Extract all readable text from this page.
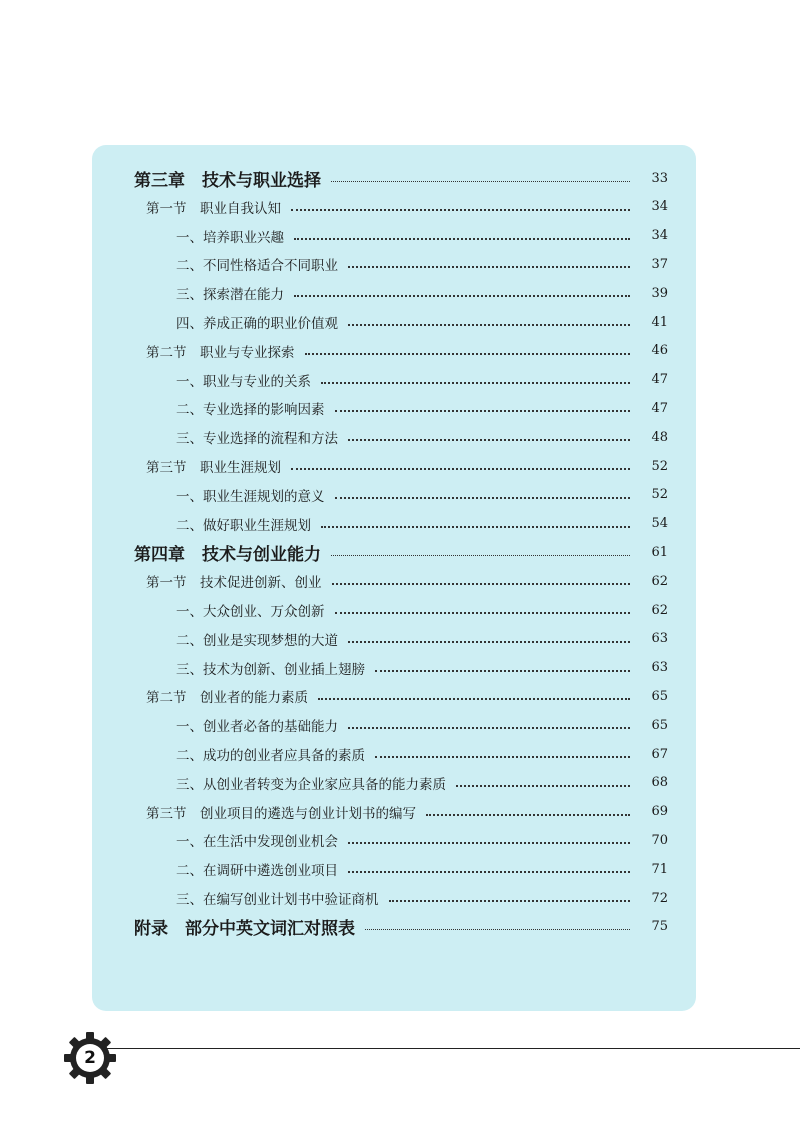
第三章　技术与职业选择	33
第一节　职业自我认知	34
一、培养职业兴趣	34
二、不同性格适合不同职业	37
三、探索潜在能力	39
四、养成正确的职业价值观	41
第二节　职业与专业探索	46
一、职业与专业的关系	47
二、专业选择的影响因素	47
三、专业选择的流程和方法	48
第三节　职业生涯规划	52
一、职业生涯规划的意义	52
二、做好职业生涯规划	54
第四章　技术与创业能力	61
第一节　技术促进创新、创业	62
一、大众创业、万众创新	62
二、创业是实现梦想的大道	63
三、技术为创新、创业插上翅膀	63
第二节　创业者的能力素质	65
一、创业者必备的基础能力	65
二、成功的创业者应具备的素质	67
三、从创业者转变为企业家应具备的能力素质	68
第三节　创业项目的遴选与创业计划书的编写	69
一、在生活中发现创业机会	70
二、在调研中遴选创业项目	71
三、在编写创业计划书中验证商机	72
附录　部分中英文词汇对照表	75
2
